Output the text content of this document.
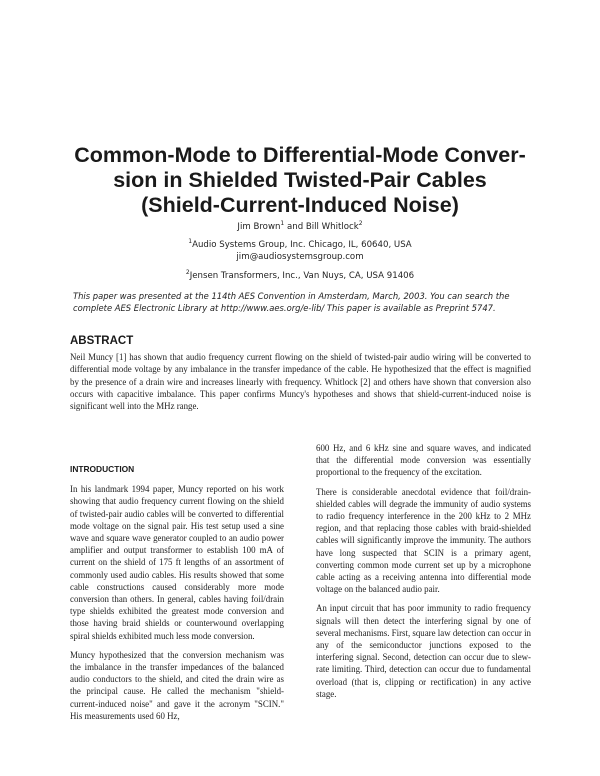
Common-Mode to Differential-Mode Conver-
sion in Shielded Twisted-Pair Cables
(Shield-Current-Induced Noise)
Jim Brown$^1$ and Bill Whitlock$^2$
$^1$Audio Systems Group, Inc. Chicago, IL, 60640, USA
jim@audiosystemsgroup.com
$^2$Jensen Transformers, Inc., Van Nuys, CA, USA 91406
This paper was presented at the 114th AES Convention in Amsterdam, March, 2003. You can search the complete AES Electronic Library at http://www.aes.org/e-lib/ This paper is available as Preprint 5747.
ABSTRACT
Neil Muncy [1] has shown that audio frequency current flowing on the shield of twisted-pair audio wiring will be converted to differential mode voltage by any imbalance in the transfer impedance of the cable. He hypothesized that the effect is magnified by the presence of a drain wire and increases linearly with frequency. Whitlock [2] and others have shown that conversion also occurs with capacitive imbalance. This paper confirms Muncy's hypotheses and shows that shield-current-induced noise is significant well into the MHz range.
INTRODUCTION

In his landmark 1994 paper, Muncy reported on his work showing that audio frequency current flowing on the shield of twisted-pair audio cables will be converted to differential mode voltage on the signal pair. His test setup used a sine wave and square wave generator coupled to an audio power amplifier and output transformer to establish 100 mA of current on the shield of 175 ft lengths of an assortment of commonly used audio cables. His results showed that some cable constructions caused considerably more mode conversion than others. In general, cables having foil/drain type shields exhibited the greatest mode conversion and those having braid shields or counterwound overlapping spiral shields exhibited much less mode conversion.

Muncy hypothesized that the conversion mechanism was the imbalance in the transfer impedances of the balanced audio conductors to the shield, and cited the drain wire as the principal cause. He called the mechanism "shield-current-induced noise" and gave it the acronym "SCIN." His measurements used 60 Hz,

600 Hz, and 6 kHz sine and square waves, and indicated that the differential mode conversion was essentially proportional to the frequency of the excitation.

There is considerable anecdotal evidence that foil/drain-shielded cables will degrade the immunity of audio systems to radio frequency interference in the 200 kHz to 2 MHz region, and that replacing those cables with braid-shielded cables will significantly improve the immunity. The authors have long suspected that SCIN is a primary agent, converting common mode current set up by a microphone cable acting as a receiving antenna into differential mode voltage on the balanced audio pair.

An input circuit that has poor immunity to radio frequency signals will then detect the interfering signal by one of several mechanisms. First, square law detection can occur in any of the semiconductor junctions exposed to the interfering signal. Second, detection can occur due to slew-rate limiting. Third, detection can occur due to fundamental overload (that is, clipping or rectification) in any active stage.
